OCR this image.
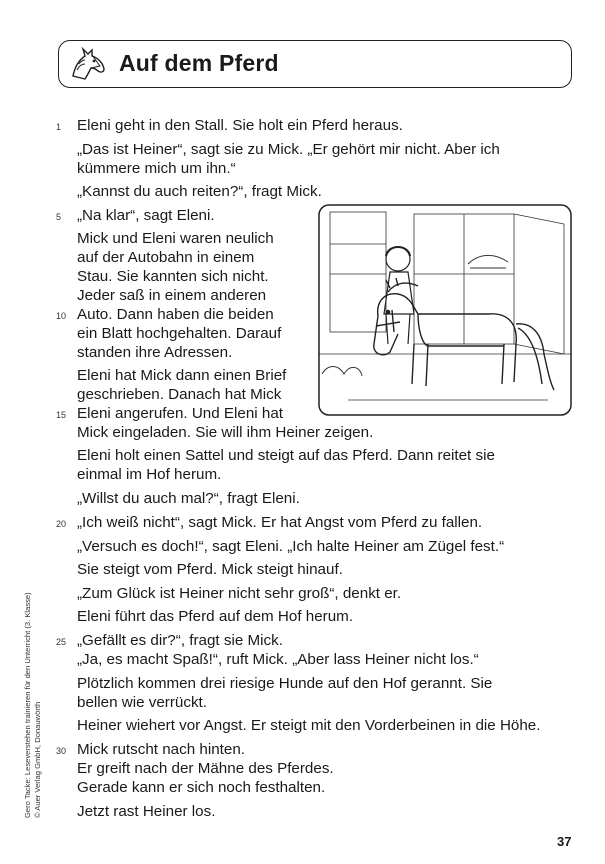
Auf dem Pferd
Eleni geht in den Stall. Sie holt ein Pferd heraus.
„Das ist Heiner“, sagt sie zu Mick. „Er gehört mir nicht. Aber ich
kümmere mich um ihn.“
„Kannst du auch reiten?“, fragt Mick.
„Na klar“, sagt Eleni.
Mick und Eleni waren neulich
auf der Autobahn in einem
Stau. Sie kannten sich nicht.
Jeder saß in einem anderen
Auto. Dann haben die beiden
ein Blatt hochgehalten. Darauf
standen ihre Adressen.
Eleni hat Mick dann einen Brief
geschrieben. Danach hat Mick
Eleni angerufen. Und Eleni hat
Mick eingeladen. Sie will ihm Heiner zeigen.
Eleni holt einen Sattel und steigt auf das Pferd. Dann reitet sie
einmal im Hof herum.
„Willst du auch mal?“, fragt Eleni.
„Ich weiß nicht“, sagt Mick. Er hat Angst vom Pferd zu fallen.
„Versuch es doch!“, sagt Eleni. „Ich halte Heiner am Zügel fest.“
Sie steigt vom Pferd. Mick steigt hinauf.
„Zum Glück ist Heiner nicht sehr groß“, denkt er.
Eleni führt das Pferd auf dem Hof herum.
„Gefällt es dir?“, fragt sie Mick.
„Ja, es macht Spaß!“, ruft Mick. „Aber lass Heiner nicht los.“
Plötzlich kommen drei riesige Hunde auf den Hof gerannt. Sie
bellen wie verrückt.
Heiner wiehert vor Angst. Er steigt mit den Vorderbeinen in die Höhe.
Mick rutscht nach hinten.
Er greift nach der Mähne des Pferdes.
Gerade kann er sich noch festhalten.
Jetzt rast Heiner los.
1
5
10
15
20
25
30
Gero Tacke: Leseverstehen trainieren für den Unterricht (3. Klasse) © Auer Verlag GmbH, Donauwörth
37
